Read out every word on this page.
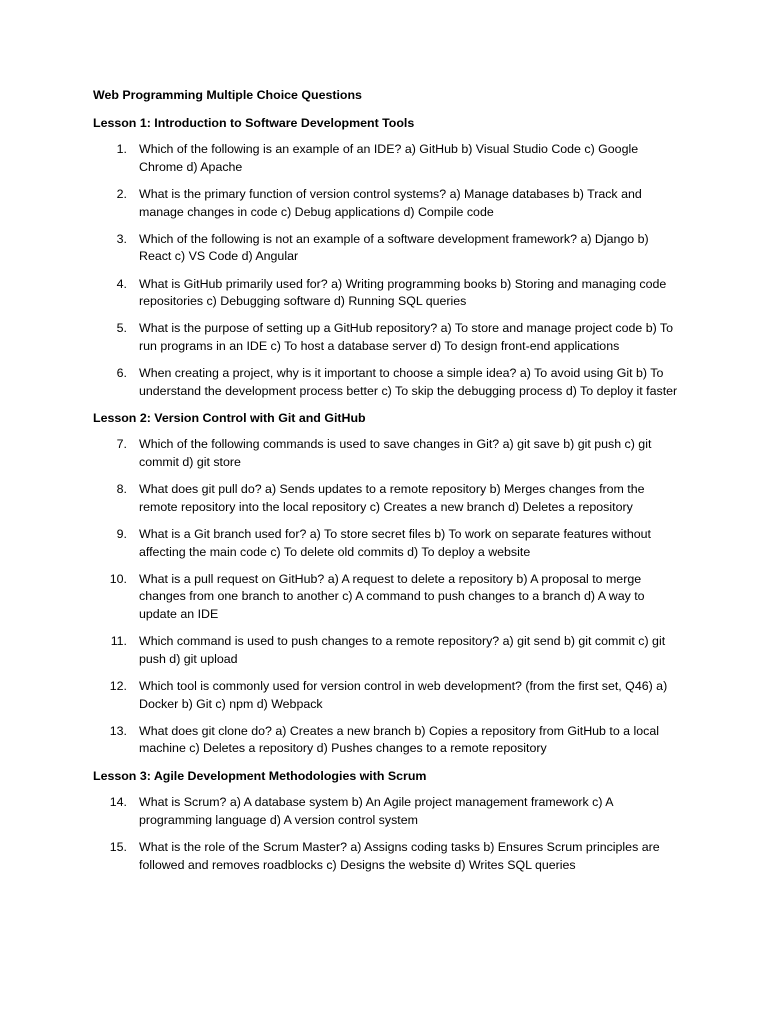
Web Programming Multiple Choice Questions
Lesson 1: Introduction to Software Development Tools
1. Which of the following is an example of an IDE? a) GitHub b) Visual Studio Code c) Google Chrome d) Apache
2. What is the primary function of version control systems? a) Manage databases b) Track and manage changes in code c) Debug applications d) Compile code
3. Which of the following is not an example of a software development framework? a) Django b) React c) VS Code d) Angular
4. What is GitHub primarily used for? a) Writing programming books b) Storing and managing code repositories c) Debugging software d) Running SQL queries
5. What is the purpose of setting up a GitHub repository? a) To store and manage project code b) To run programs in an IDE c) To host a database server d) To design front-end applications
6. When creating a project, why is it important to choose a simple idea? a) To avoid using Git b) To understand the development process better c) To skip the debugging process d) To deploy it faster
Lesson 2: Version Control with Git and GitHub
7. Which of the following commands is used to save changes in Git? a) git save b) git push c) git commit d) git store
8. What does git pull do? a) Sends updates to a remote repository b) Merges changes from the remote repository into the local repository c) Creates a new branch d) Deletes a repository
9. What is a Git branch used for? a) To store secret files b) To work on separate features without affecting the main code c) To delete old commits d) To deploy a website
10. What is a pull request on GitHub? a) A request to delete a repository b) A proposal to merge changes from one branch to another c) A command to push changes to a branch d) A way to update an IDE
11. Which command is used to push changes to a remote repository? a) git send b) git commit c) git push d) git upload
12. Which tool is commonly used for version control in web development? (from the first set, Q46) a) Docker b) Git c) npm d) Webpack
13. What does git clone do? a) Creates a new branch b) Copies a repository from GitHub to a local machine c) Deletes a repository d) Pushes changes to a remote repository
Lesson 3: Agile Development Methodologies with Scrum
14. What is Scrum? a) A database system b) An Agile project management framework c) A programming language d) A version control system
15. What is the role of the Scrum Master? a) Assigns coding tasks b) Ensures Scrum principles are followed and removes roadblocks c) Designs the website d) Writes SQL queries
